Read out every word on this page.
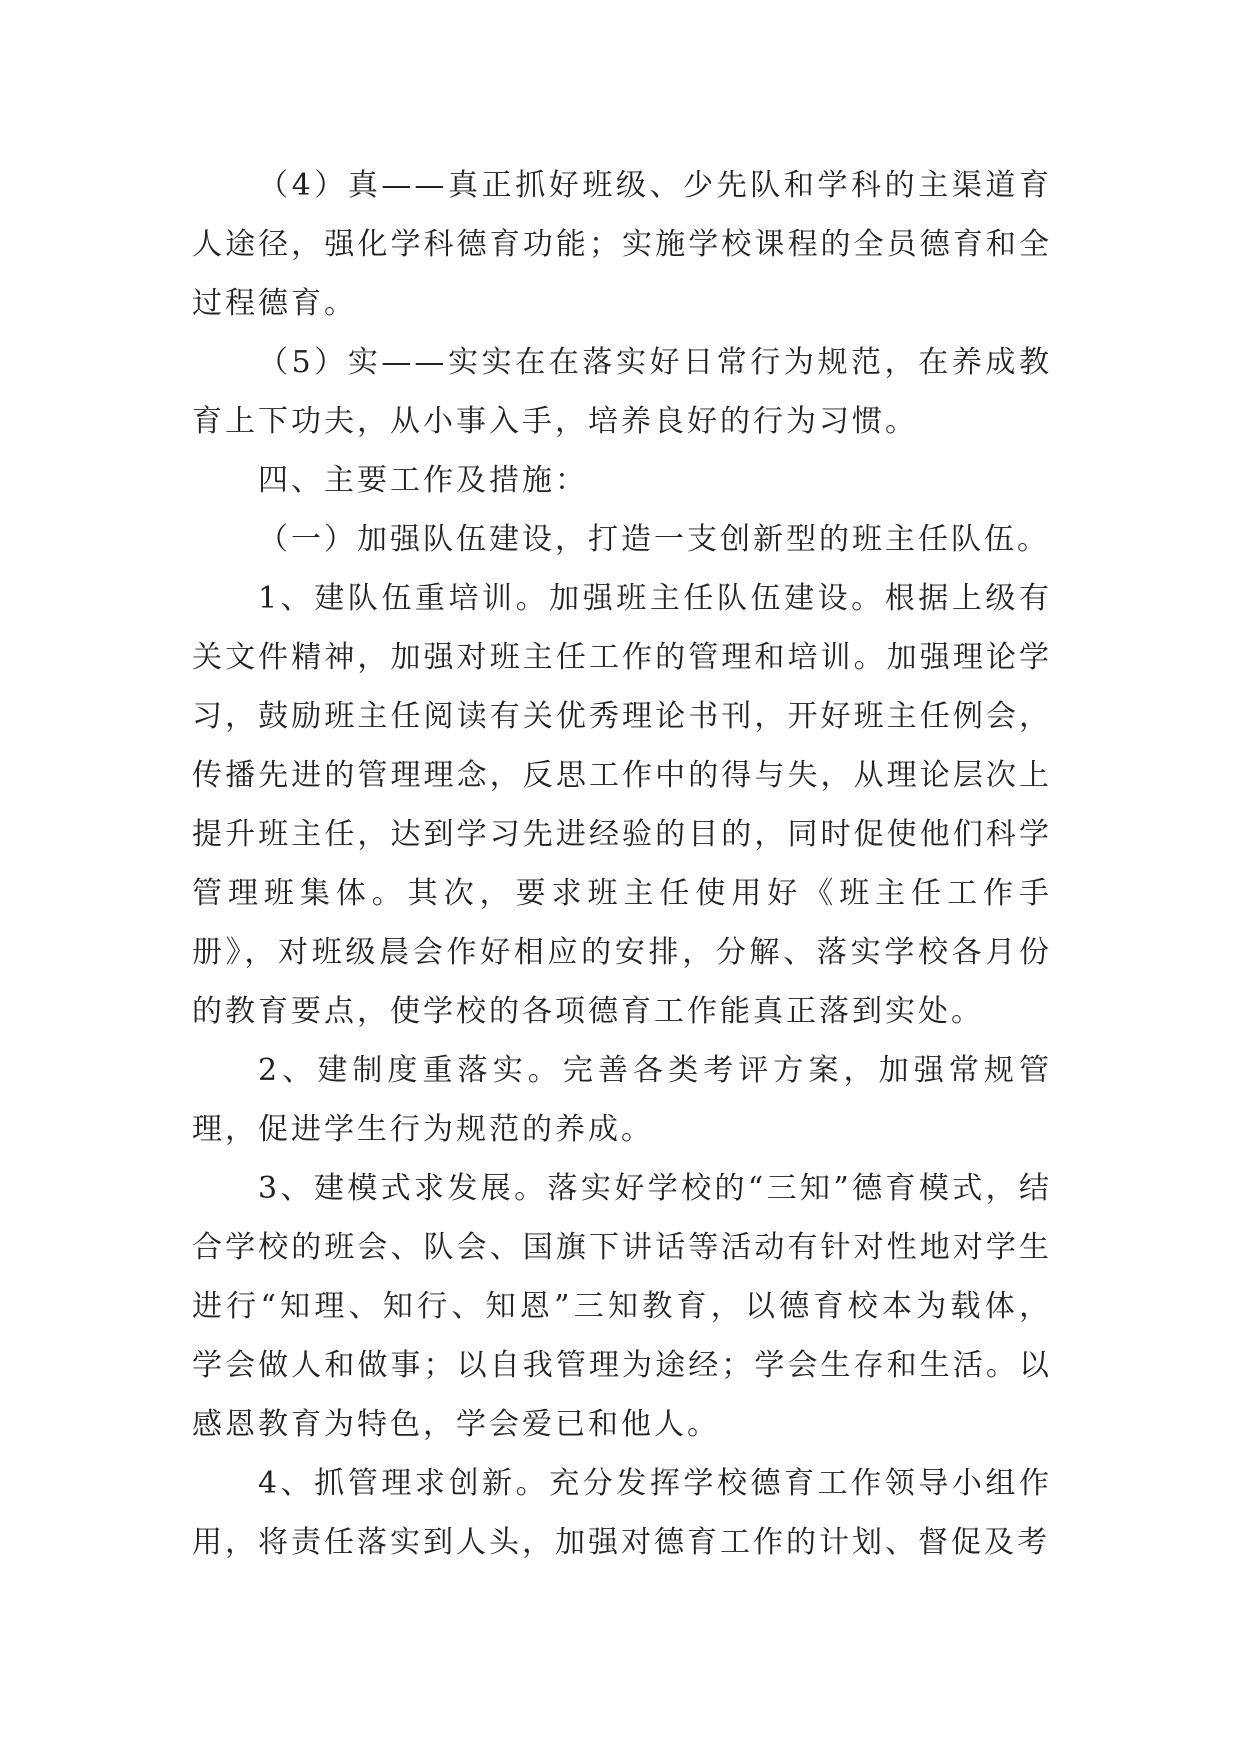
（4）真——真正抓好班级、少先队和学科的主渠道育人途径，强化学科德育功能；实施学校课程的全员德育和全过程德育。

（5）实——实实在在落实好日常行为规范，在养成教育上下功夫，从小事入手，培养良好的行为习惯。

四、主要工作及措施：

（一）加强队伍建设，打造一支创新型的班主任队伍。

1、建队伍重培训。加强班主任队伍建设。根据上级有关文件精神，加强对班主任工作的管理和培训。加强理论学习，鼓励班主任阅读有关优秀理论书刊，开好班主任例会，传播先进的管理理念，反思工作中的得与失，从理论层次上提升班主任，达到学习先进经验的目的，同时促使他们科学管理班集体。其次，要求班主任使用好《班主任工作手册》，对班级晨会作好相应的安排，分解、落实学校各月份的教育要点，使学校的各项德育工作能真正落到实处。

2、建制度重落实。完善各类考评方案，加强常规管理，促进学生行为规范的养成。

3、建模式求发展。落实好学校的“三知”德育模式，结合学校的班会、队会、国旗下讲话等活动有针对性地对学生进行“知理、知行、知恩”三知教育，以德育校本为载体，学会做人和做事；以自我管理为途经；学会生存和生活。以感恩教育为特色，学会爱已和他人。

4、抓管理求创新。充分发挥学校德育工作领导小组作用，将责任落实到人头，加强对德育工作的计划、督促及考
